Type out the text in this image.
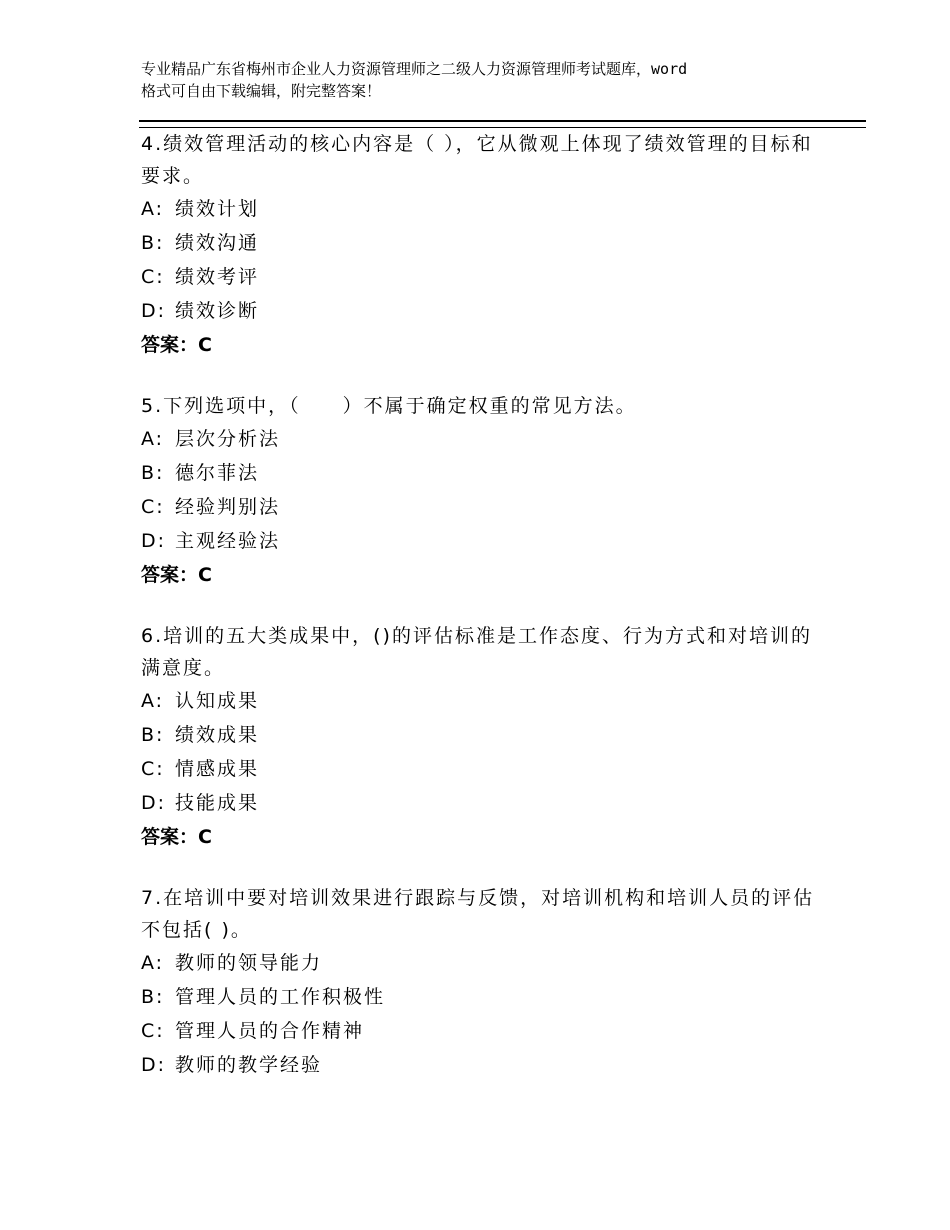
专业精品广东省梅州市企业人力资源管理师之二级人力资源管理师考试题库，word
格式可自由下载编辑，附完整答案！

4.绩效管理活动的核心内容是（ ），它从微观上体现了绩效管理的目标和要求。

A: 绩效计划
B: 绩效沟通
C: 绩效考评
D: 绩效诊断

答案：C

5.下列选项中，（　　）不属于确定权重的常见方法。

A: 层次分析法
B: 德尔菲法
C: 经验判别法
D: 主观经验法

答案：C

6.培训的五大类成果中，()的评估标准是工作态度、行为方式和对培训的满意度。

A: 认知成果
B: 绩效成果
C: 情感成果
D: 技能成果

答案：C

7.在培训中要对培训效果进行跟踪与反馈，对培训机构和培训人员的评估不包括( )。

A: 教师的领导能力
B: 管理人员的工作积极性
C: 管理人员的合作精神
D: 教师的教学经验
